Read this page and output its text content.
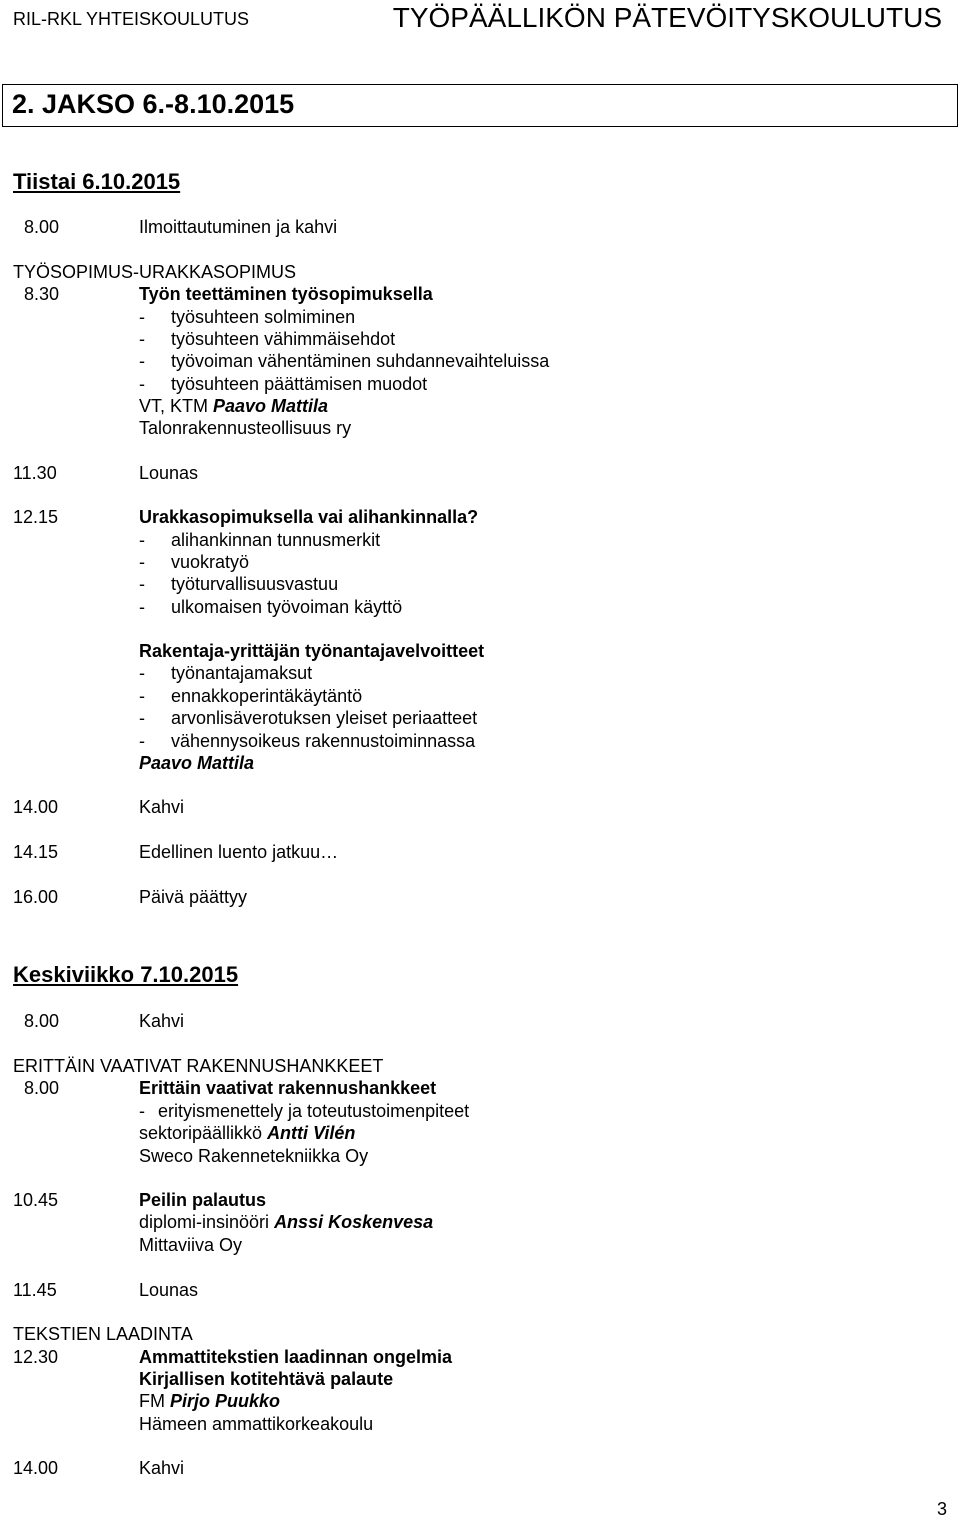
RIL-RKL YHTEISKOULUTUS	TYÖPÄÄLLIKÖN PÄTEVÖITYSKOULUTUS
2. JAKSO 6.-8.10.2015
Tiistai 6.10.2015
8.00	Ilmoittautuminen ja kahvi
TYÖSOPIMUS-URAKKASOPIMUS
8.30	Työn teettäminen työsopimuksella
- työsuhteen solmiminen
- työsuhteen vähimmäisehdot
- työvoiman vähentäminen suhdannevaihteluissa
- työsuhteen päättämisen muodot
VT, KTM Paavo Mattila
Talonrakennusteollisuus ry
11.30	Lounas
12.15	Urakkasopimuksella vai alihankinnalla?
- alihankinnan tunnusmerkit
- vuokratyö
- työturvallisuusvastuu
- ulkomaisen työvoiman käyttö
Rakentaja-yrittäjän työnantajavelvoitteet
- työnantajamaksut
- ennakkoperintäkäytäntö
- arvonlisäverotuksen yleiset periaatteet
- vähennysoikeus rakennustoiminnassa
Paavo Mattila
14.00	Kahvi
14.15	Edellinen luento jatkuu…
16.00	Päivä päättyy
Keskiviikko 7.10.2015
8.00	Kahvi
ERITTÄIN VAATIVAT RAKENNUSHANKKEET
8.00	Erittäin vaativat rakennushankkeet
- erityismenettely ja toteutustoimenpiteet
sektoripäällikkö Antti Vilén
Sweco Rakennetekniikka Oy
10.45	Peilin palautus
diplomi-insinööri Anssi Koskenvesa
Mittaviiva Oy
11.45	Lounas
TEKSTIEN LAADINTA
12.30	Ammattitekstien laadinnan ongelmia
Kirjallisen kotitehtävä palaute
FM Pirjo Puukko
Hämeen ammattikorkeakoulu
14.00	Kahvi
3
